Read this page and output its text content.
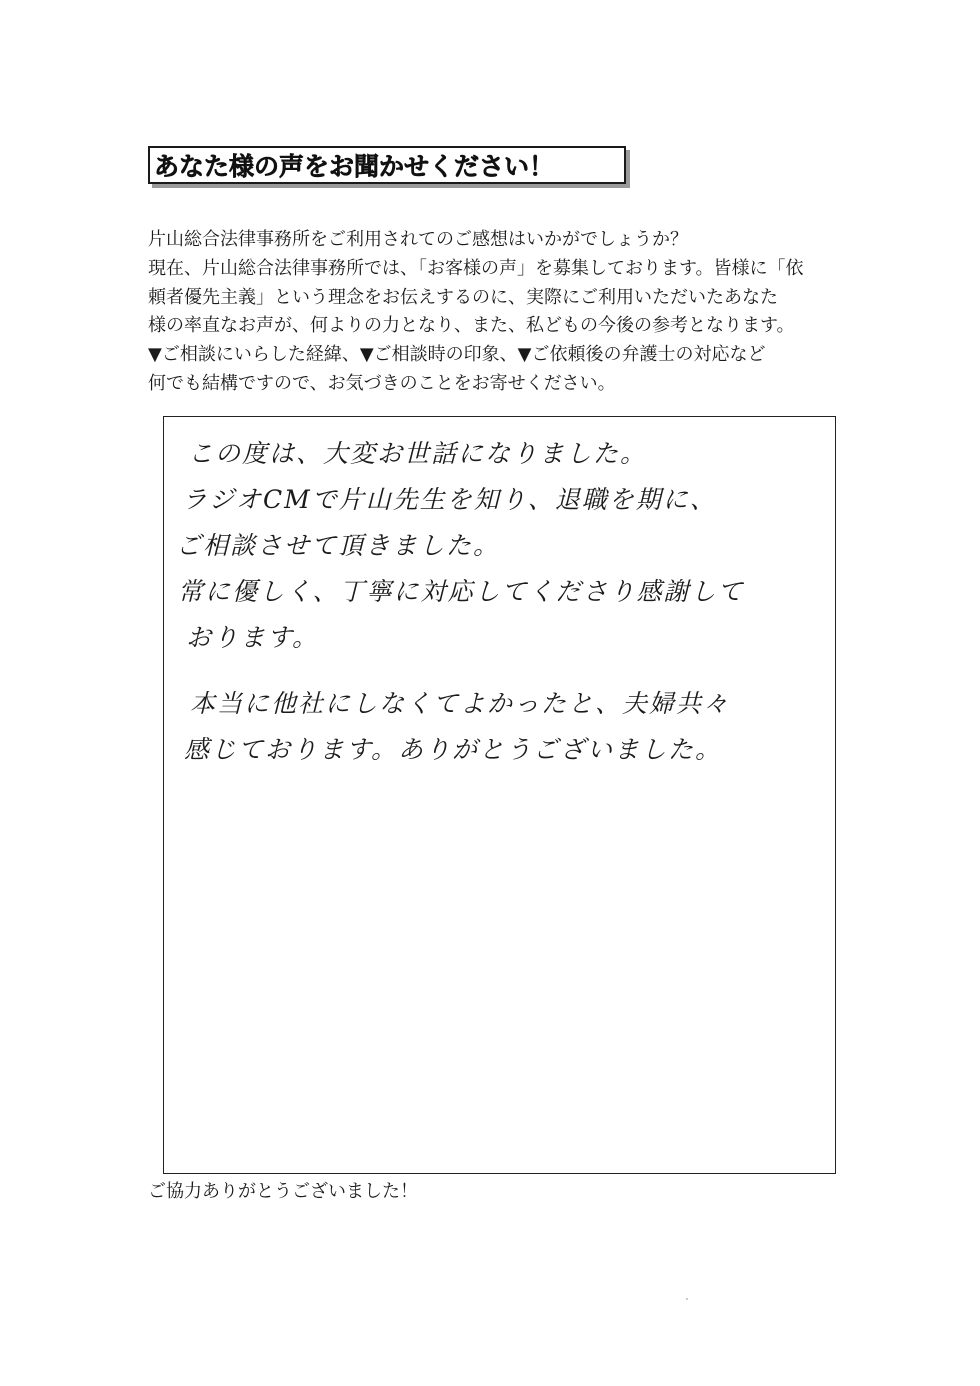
あなた様の声をお聞かせください！
片山総合法律事務所をご利用されてのご感想はいかがでしょうか？
現在、片山総合法律事務所では、「お客様の声」を募集しております。皆様に「依
頼者優先主義」という理念をお伝えするのに、実際にご利用いただいたあなた
様の率直なお声が、何よりの力となり、また、私どもの今後の参考となります。
▼ご相談にいらした経緯、▼ご相談時の印象、▼ご依頼後の弁護士の対応など
何でも結構ですので、お気づきのことをお寄せください。
この度は、大変お世話になりました。
ラジオCMで片山先生を知り、退職を期に、
ご相談させて頂きました。
常に優しく、丁寧に対応してくださり感謝して
おります。
本当に他社にしなくてよかったと、夫婦共々
感じております。ありがとうございました。
ご協力ありがとうございました！
